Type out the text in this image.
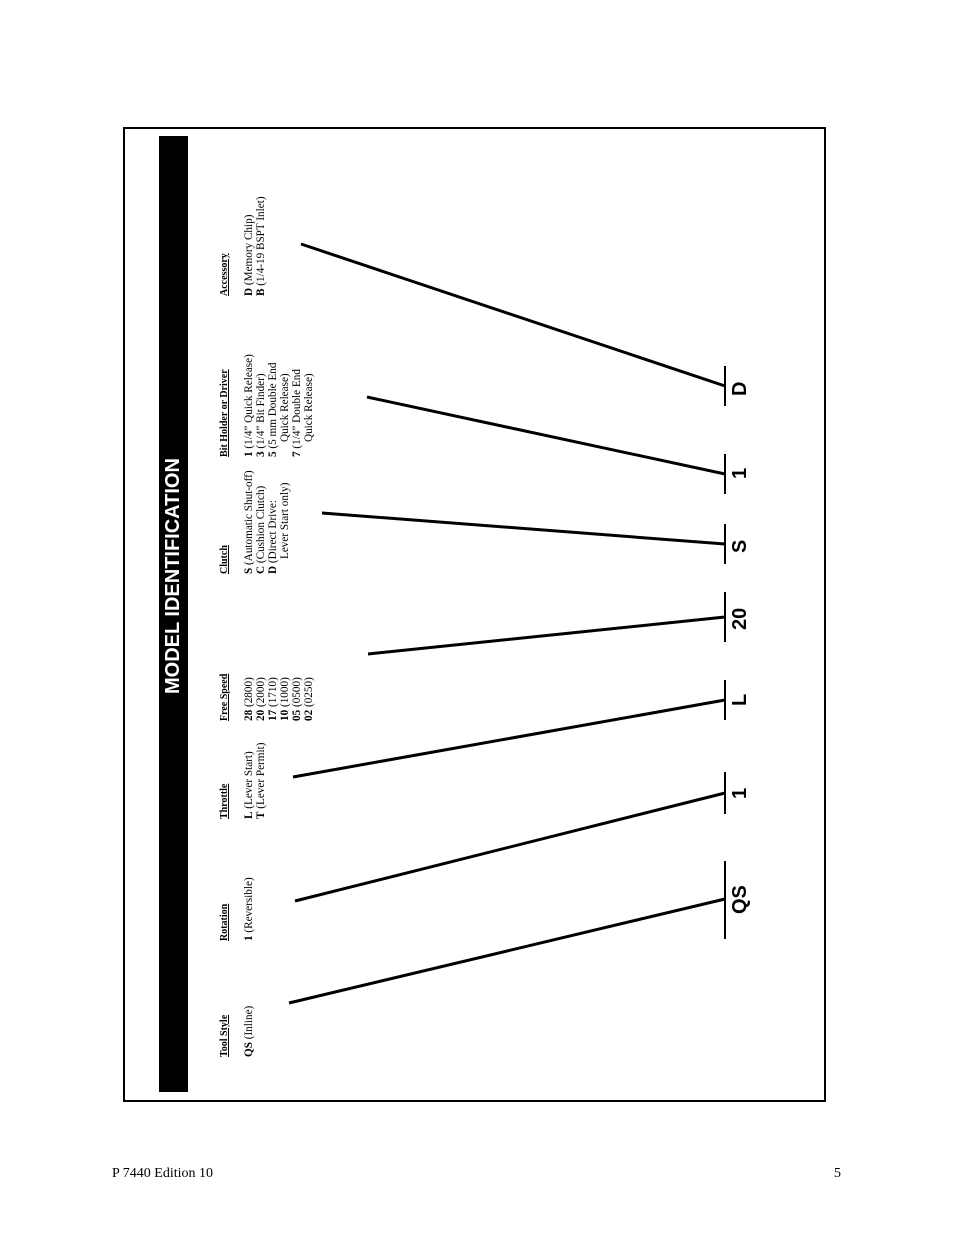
MODEL IDENTIFICATION
Tool Style
Rotation
Throttle
Free Speed
Clutch
Bit Holder or Driver
Accessory
QS (Inline)
1 (Reversible)
L (Lever Start)
T (Lever Permit)
28 (2800)
20 (2000)
17 (1710)
10 (1000)
05 (0500)
02 (0250)
S (Automatic Shut-off)
C (Cushion Clutch)
D (Direct Drive: Lever Start only)
1 (1/4” Quick Release)
3 (1/4” Bit Finder)
5 (5 mm Double End Quick Release)
7 (1/4” Double End Quick Release)
D (Memory Chip)
B (1/4-19 BSPT Inlet)
QS
1
L
20
S
1
D
P 7440 Edition 10	5
